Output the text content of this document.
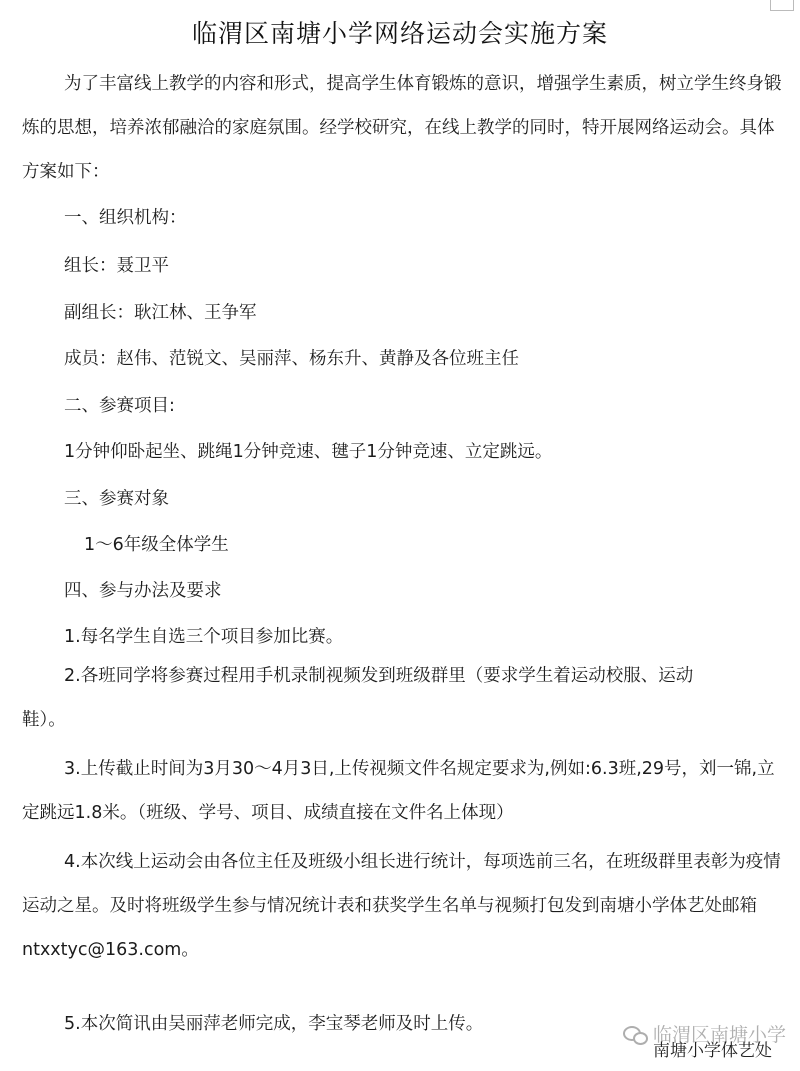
临渭区南塘小学网络运动会实施方案
为了丰富线上教学的内容和形式，提高学生体育锻炼的意识，增强学生素质，树立学生终身锻炼的思想，培养浓郁融洽的家庭氛围。经学校研究，在线上教学的同时，特开展网络运动会。具体方案如下：
一、组织机构：
组长：聂卫平
副组长：耿江林、王争军
成员：赵伟、范锐文、吴丽萍、杨东升、黄静及各位班主任
二、参赛项目:
1分钟仰卧起坐、跳绳1分钟竞速、毽子1分钟竞速、立定跳远。
三、参赛对象
1～6年级全体学生
四、参与办法及要求
1.每名学生自选三个项目参加比赛。
2.各班同学将参赛过程用手机录制视频发到班级群里（要求学生着运动校服、运动鞋）。
3.上传截止时间为3月30～4月3日,上传视频文件名规定要求为,例如:6.3班,29号，刘一锦,立定跳远1.8米。（班级、学号、项目、成绩直接在文件名上体现）
4.本次线上运动会由各位主任及班级小组长进行统计，每项选前三名，在班级群里表彰为疫情运动之星。及时将班级学生参与情况统计表和获奖学生名单与视频打包发到南塘小学体艺处邮箱 ntxxtyc@163.com。
5.本次简讯由吴丽萍老师完成，李宝琴老师及时上传。	临渭区南塘小学
南塘小学体艺处
